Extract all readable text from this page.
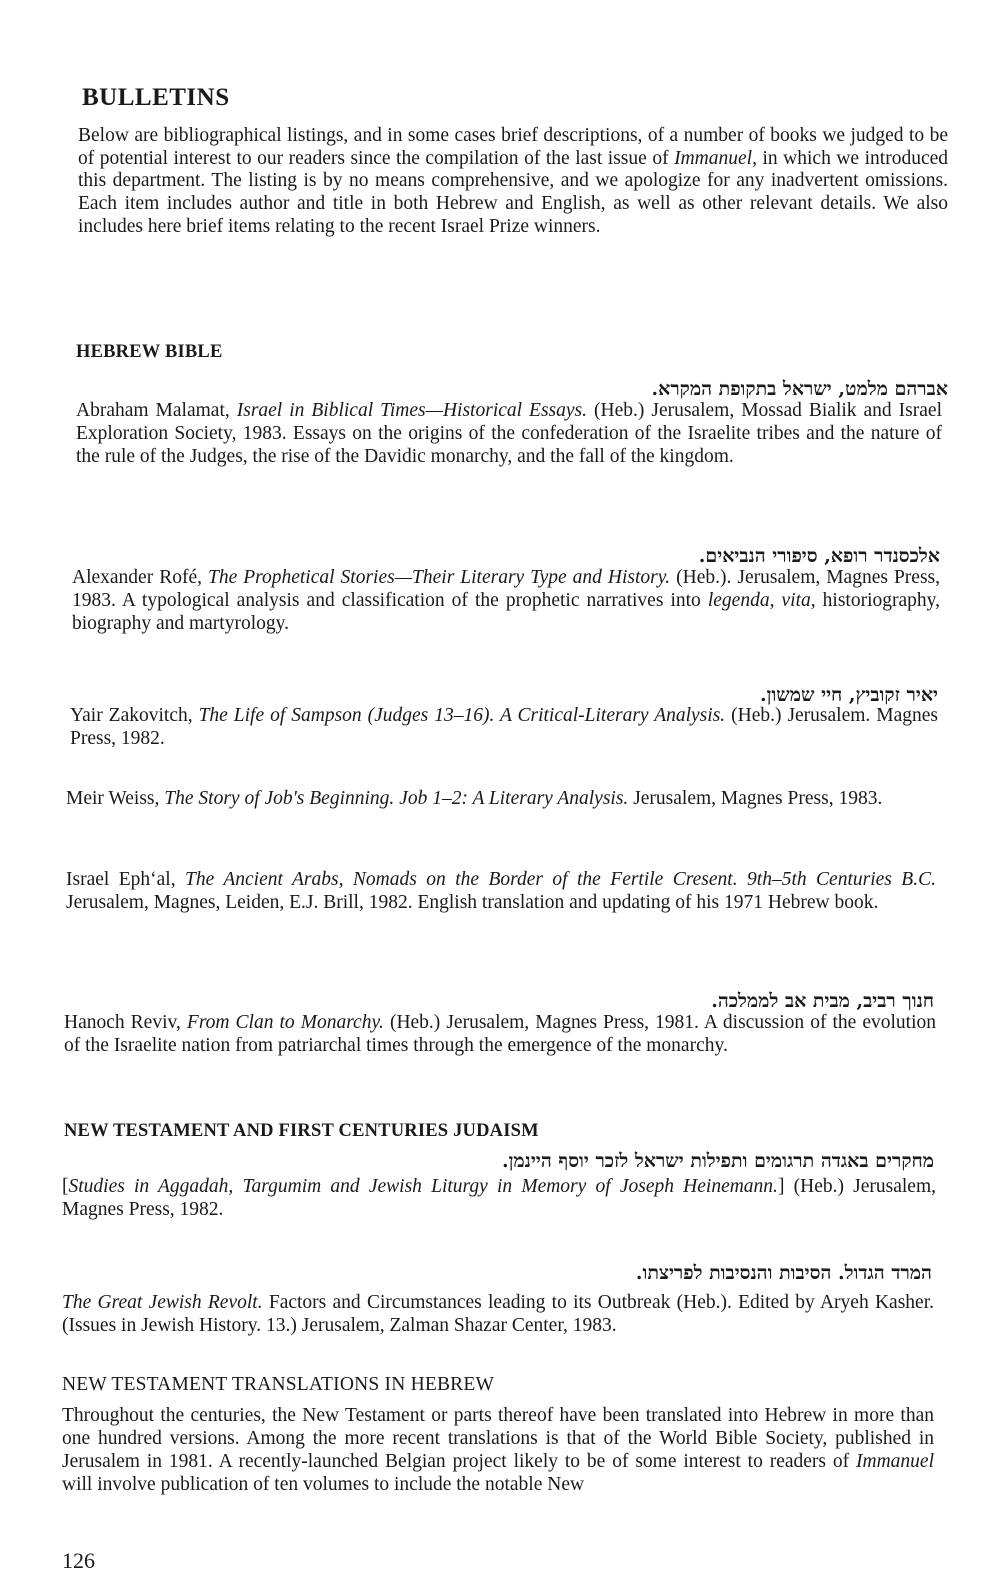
BULLETINS
Below are bibliographical listings, and in some cases brief descriptions, of a number of books we judged to be of potential interest to our readers since the compilation of the last issue of Immanuel, in which we introduced this department. The listing is by no means comprehensive, and we apologize for any inadvertent omissions. Each item includes author and title in both Hebrew and English, as well as other relevant details. We also includes here brief items relating to the recent Israel Prize winners.
HEBREW BIBLE
אברהם מלמט, ישראל בתקופת המקרא.
Abraham Malamat, Israel in Biblical Times—Historical Essays. (Heb.) Jerusalem, Mossad Bialik and Israel Exploration Society, 1983. Essays on the origins of the confederation of the Israelite tribes and the nature of the rule of the Judges, the rise of the Davidic monarchy, and the fall of the kingdom.
אלכסנדר רופא, סיפורי הנביאים.
Alexander Rofé, The Prophetical Stories—Their Literary Type and History. (Heb.). Jerusalem, Magnes Press, 1983. A typological analysis and classification of the prophetic narratives into legenda, vita, historiography, biography and martyrology.
יאיר זקוביץ, חיי שמשון.
Yair Zakovitch, The Life of Sampson (Judges 13–16). A Critical-Literary Analysis. (Heb.) Jerusalem. Magnes Press, 1982.
Meir Weiss, The Story of Job's Beginning. Job 1–2: A Literary Analysis. Jerusalem, Magnes Press, 1983.
Israel Eph‘al, The Ancient Arabs, Nomads on the Border of the Fertile Cresent. 9th–5th Centuries B.C. Jerusalem, Magnes, Leiden, E.J. Brill, 1982. English translation and updating of his 1971 Hebrew book.
חנוך רביב, מבית אב לממלכה.
Hanoch Reviv, From Clan to Monarchy. (Heb.) Jerusalem, Magnes Press, 1981. A discussion of the evolution of the Israelite nation from patriarchal times through the emergence of the monarchy.
NEW TESTAMENT AND FIRST CENTURIES JUDAISM
מחקרים באגדה תרגומים ותפילות ישראל לזכר יוסף היינמן.
[Studies in Aggadah, Targumim and Jewish Liturgy in Memory of Joseph Heinemann.] (Heb.) Jerusalem, Magnes Press, 1982.
המרד הגדול. הסיבות והנסיבות לפריצתו.
The Great Jewish Revolt. Factors and Circumstances leading to its Outbreak (Heb.). Edited by Aryeh Kasher. (Issues in Jewish History. 13.) Jerusalem, Zalman Shazar Center, 1983.
NEW TESTAMENT TRANSLATIONS IN HEBREW
Throughout the centuries, the New Testament or parts thereof have been translated into Hebrew in more than one hundred versions. Among the more recent translations is that of the World Bible Society, published in Jerusalem in 1981. A recently-launched Belgian project likely to be of some interest to readers of Immanuel will involve publication of ten volumes to include the notable New
126
